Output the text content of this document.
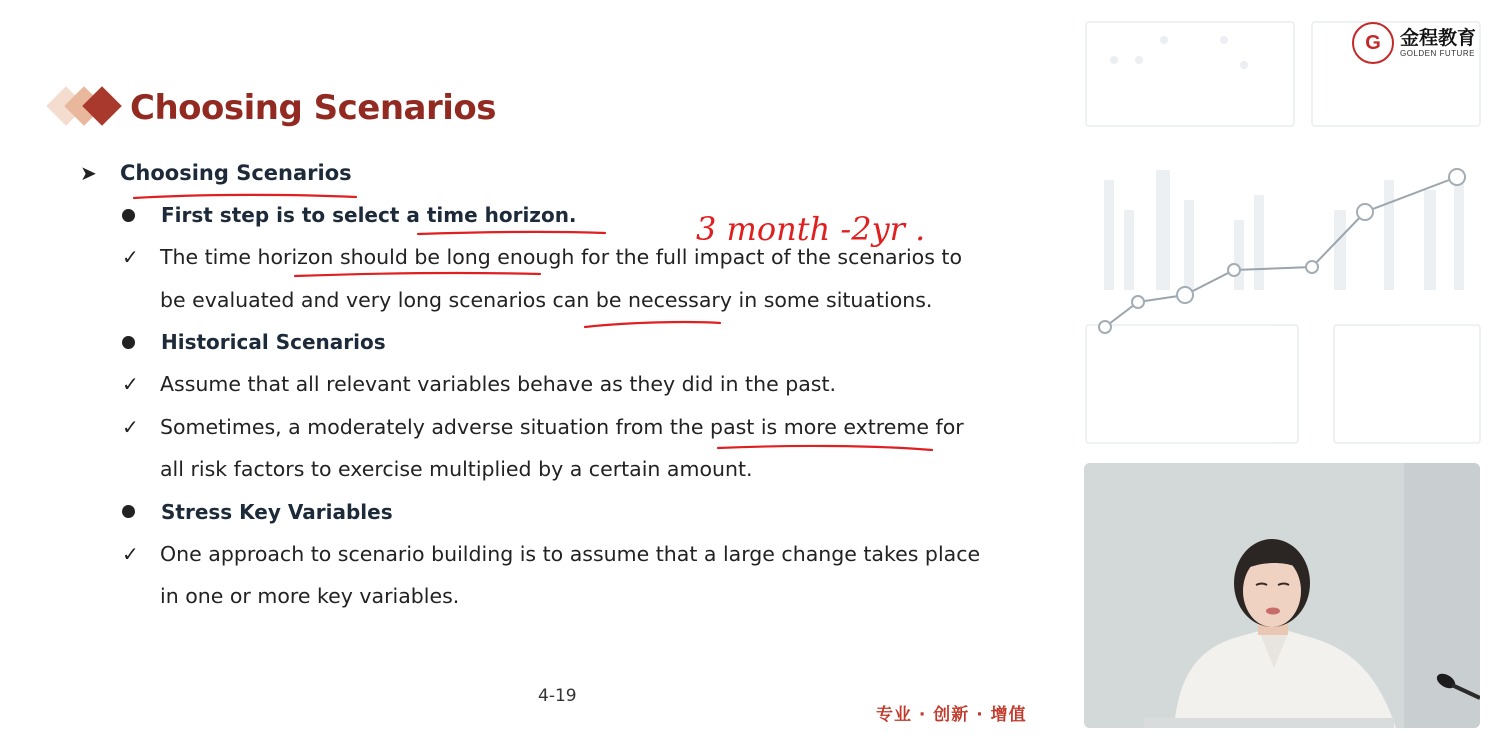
Choosing Scenarios
➤	Choosing Scenarios
First step is to select a time horizon.
✓	The time horizon should be long enough for the full impact of the scenarios to be evaluated and very long scenarios can be necessary in some situations.
Historical Scenarios
✓	Assume that all relevant variables behave as they did in the past.
✓	Sometimes, a moderately adverse situation from the past is more extreme for all risk factors to exercise multiplied by a certain amount.
Stress Key Variables
✓	One approach to scenario building is to assume that a large change takes place in one or more key variables.
4-19
专业 · 创新 · 增值
G	金程教育
GOLDEN FUTURE
3 month -2yr .
